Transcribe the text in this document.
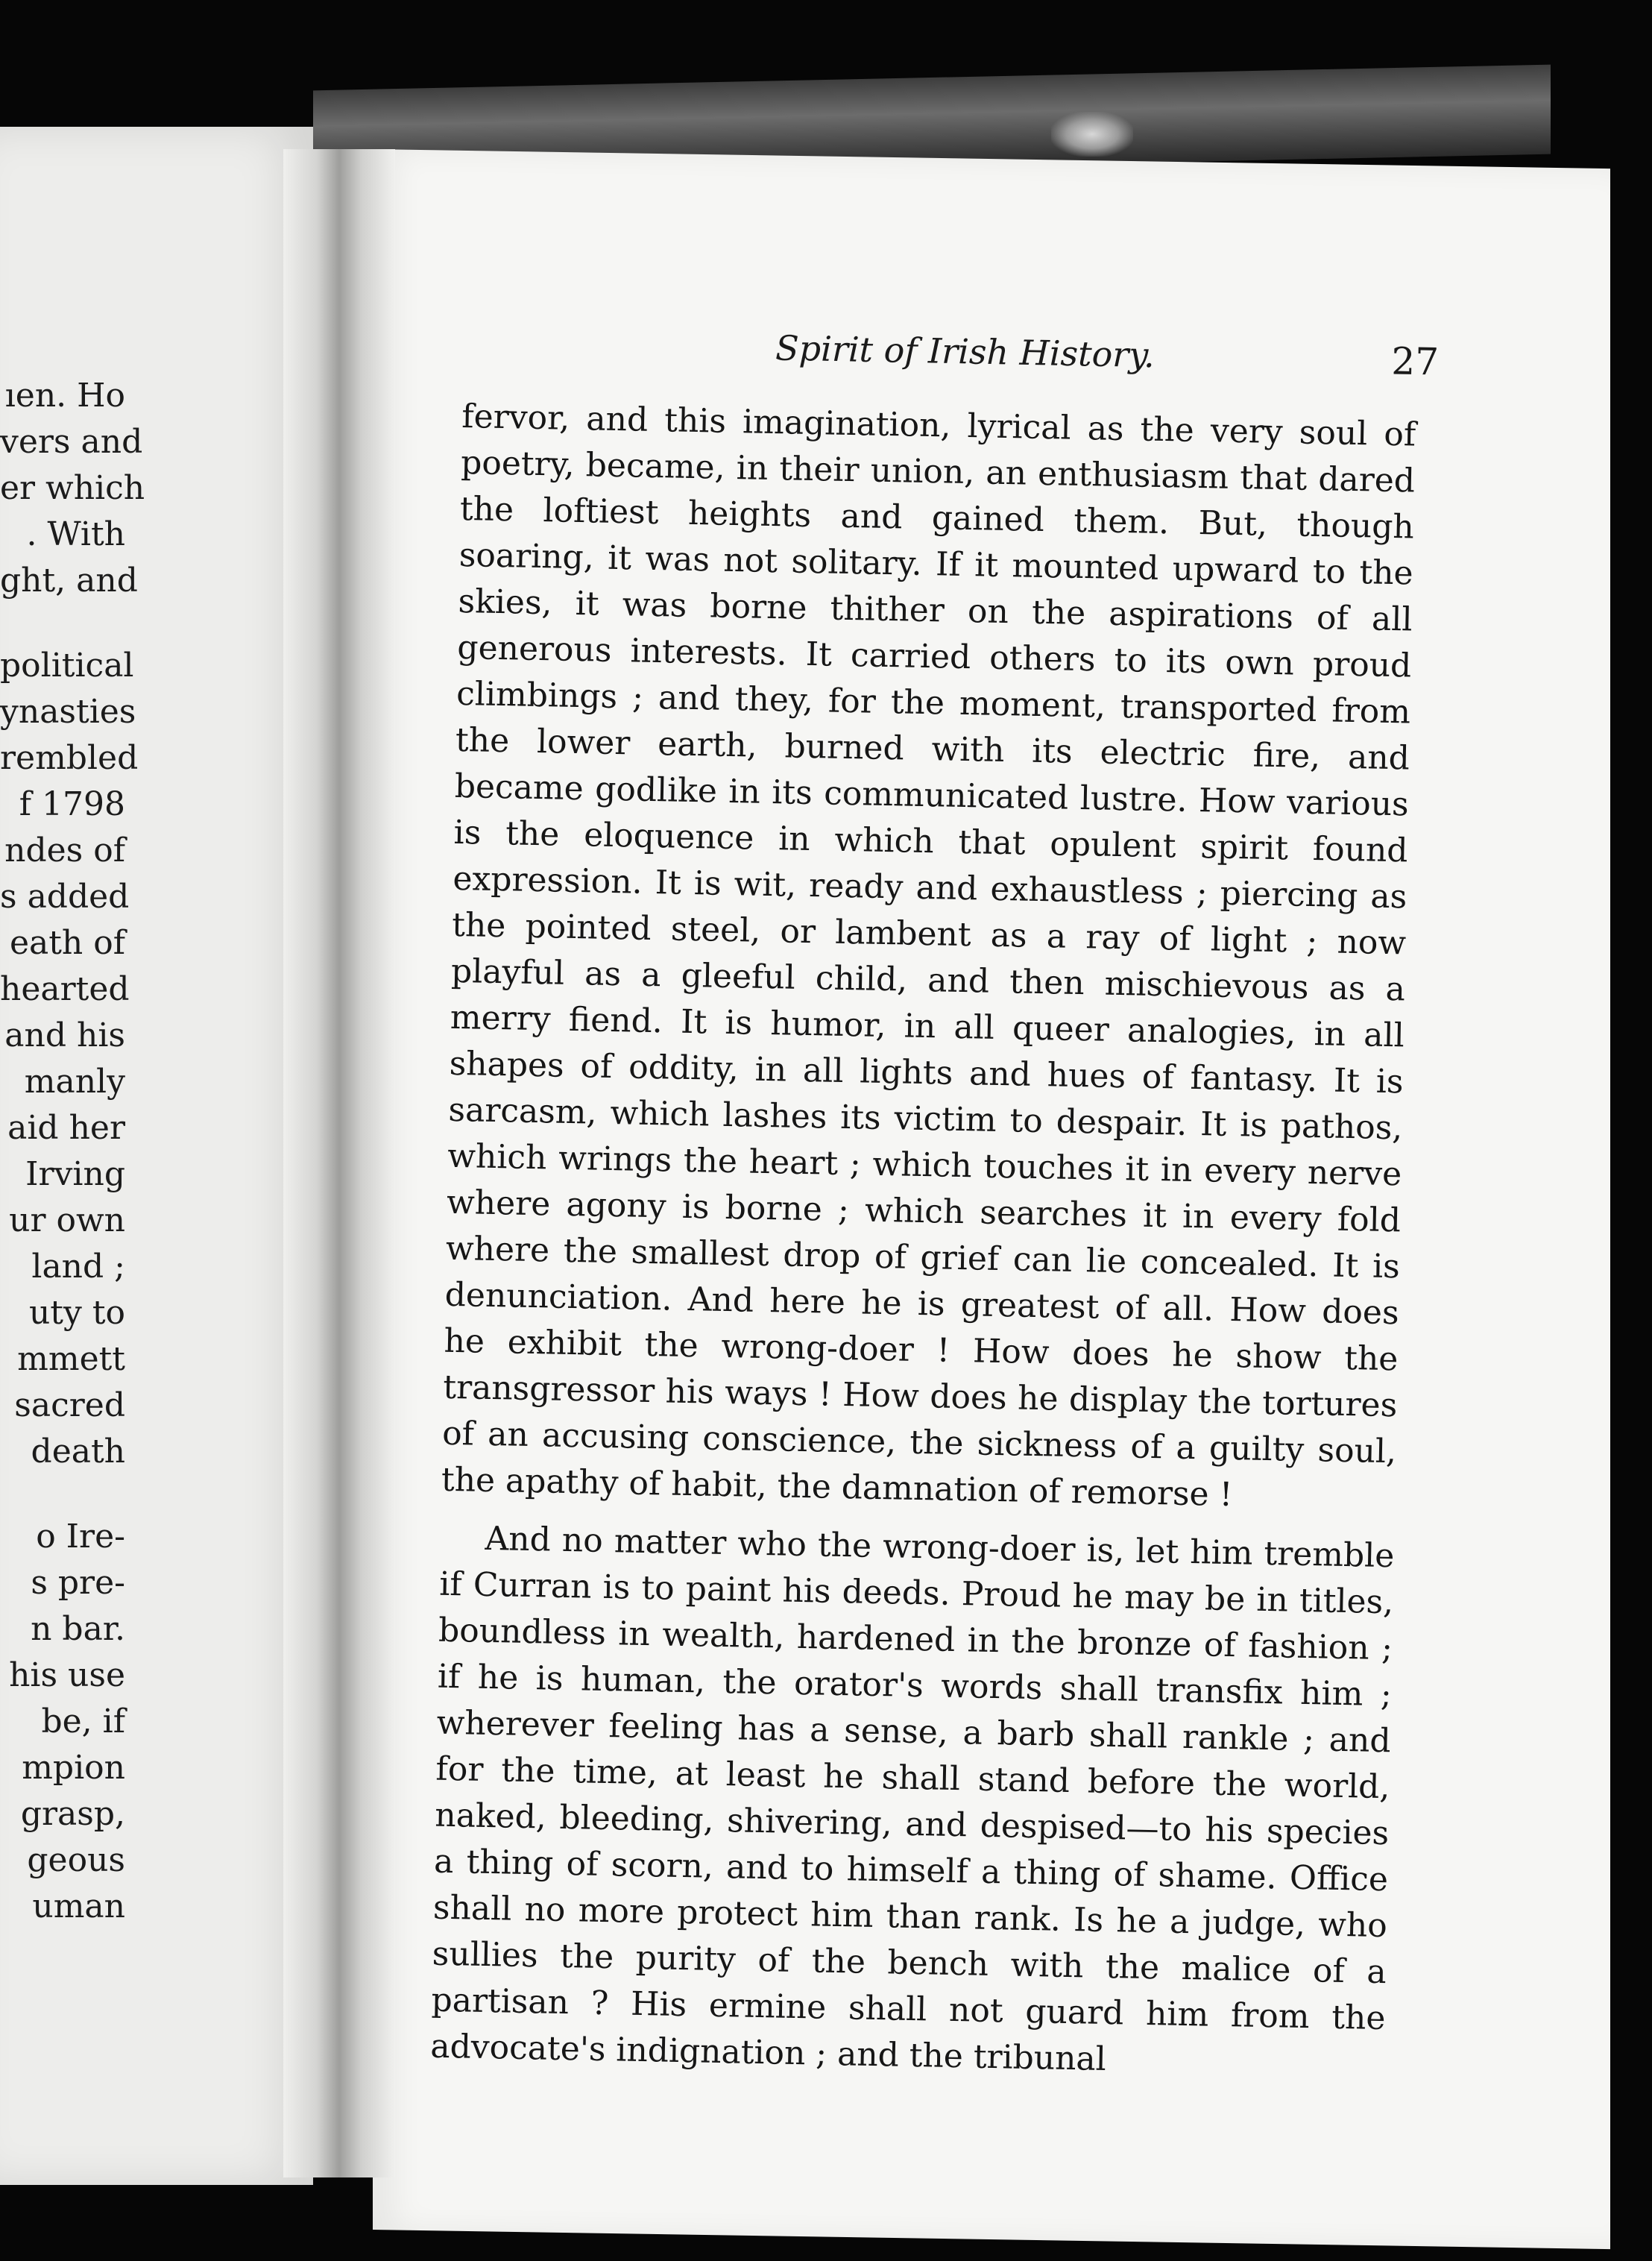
ıen. Ho
vers and
er which
. With
ght, and
political
ynasties
rembled
f 1798
ndes of
s added
eath of
hearted
and his
manly
aid her
Irving
ur own
land ;
uty to
mmett
sacred
death
o Ire-
s pre-
n bar.
his use
be, if
mpion
grasp,
geous
uman
Spirit of Irish History.	27

fervor, and this imagination, lyrical as the very soul of poetry, became, in their union, an enthusiasm that dared the loftiest heights and gained them. But, though soaring, it was not solitary. If it mounted upward to the skies, it was borne thither on the aspirations of all generous interests. It carried others to its own proud climbings ; and they, for the moment, transported from the lower earth, burned with its electric fire, and became godlike in its communicated lustre. How various is the eloquence in which that opulent spirit found expression. It is wit, ready and exhaustless ; piercing as the pointed steel, or lambent as a ray of light ; now playful as a gleeful child, and then mischievous as a merry fiend. It is humor, in all queer analogies, in all shapes of oddity, in all lights and hues of fantasy. It is sarcasm, which lashes its victim to despair. It is pathos, which wrings the heart ; which touches it in every nerve where agony is borne ; which searches it in every fold where the smallest drop of grief can lie concealed. It is denunciation. And here he is greatest of all. How does he exhibit the wrong-doer ! How does he show the transgressor his ways ! How does he display the tortures of an accusing conscience, the sickness of a guilty soul, the apathy of habit, the damnation of remorse !

And no matter who the wrong-doer is, let him tremble if Curran is to paint his deeds. Proud he may be in titles, boundless in wealth, hardened in the bronze of fashion ; if he is human, the orator's words shall transfix him ; wherever feeling has a sense, a barb shall rankle ; and for the time, at least he shall stand before the world, naked, bleeding, shivering, and despised—to his species a thing of scorn, and to himself a thing of shame. Office shall no more protect him than rank. Is he a judge, who sullies the purity of the bench with the malice of a partisan ? His ermine shall not guard him from the advocate's indignation ; and the tribunal
